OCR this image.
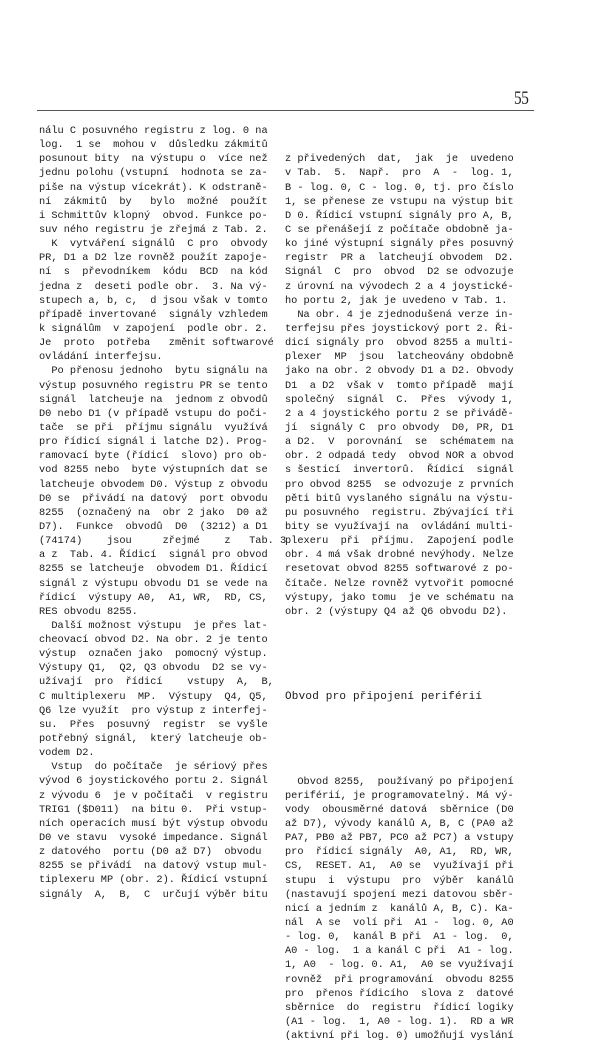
55
nálu C posuvného registru z log. 0 na
log.  1 se  mohou v  důsledku zákmitů
posunout bity  na výstupu o  více než
jednu polohu (vstupní  hodnota se za-
piše na výstup vícekrát). K odstraně-
ní  zákmitů  by   bylo  možné  použít
i Schmittův klopný  obvod. Funkce po-
suv ného registru je zřejmá z Tab. 2.
K  vytváření signálů  C pro  obvody
PR, D1 a D2 lze rovněž použít zapoje-
ní  s  převodníkem  kódu  BCD  na kód
jedna z  deseti podle obr.  3. Na vý-
stupech a, b, c,  d jsou však v tomto
případě invertované  signály vzhledem
k signálům  v zapojení  podle obr. 2.
Je  proto  potřeba   změnit softwarové
ovládání interfejsu.
Po přenosu jednoho  bytu signálu na
výstup posuvného registru PR se tento
signál  latcheuje na  jednom z obvodů
D0 nebo D1 (v případě vstupu do poči-
tače  se při  příjmu signálu  využívá
pro řídicí signál i latche D2). Prog-
ramovací byte (řídicí  slovo) pro ob-
vod 8255 nebo  byte výstupních dat se
latcheuje obvodem D0. Výstup z obvodu
D0 se  přivádí na datový  port obvodu
8255  (označený na  obr 2 jako  D0 až
D7).  Funkce  obvodů  D0  (3212) a D1
(74174)    jsou     zřejmé    z   Tab. 3
a z  Tab. 4. Řídicí  signál pro obvod
8255 se latcheuje  obvodem D1. Řídicí
signál z výstupu obvodu D1 se vede na
řídicí  výstupy A0,  A1, WR,  RD, CS,
RES obvodu 8255.
Další možnost výstupu  je přes lat-
cheovací obvod D2. Na obr. 2 je tento
výstup  označen jako  pomocný výstup.
Výstupy Q1,  Q2, Q3 obvodu  D2 se vy-
užívají  pro  řídicí    vstupy  A,  B,
C multiplexeru  MP.  Výstupy  Q4, Q5,
Q6 lze využít  pro výstup z interfej-
su.  Přes  posuvný  registr  se vyšle
potřebný signál,  který latcheuje ob-
vodem D2.
Vstup  do počítače  je sériový přes
vývod 6 joystickového portu 2. Signál
z vývodu 6  je v počítači  v registru
TRIG1 ($D011)  na bitu 0.  Při vstup-
ních operacích musí být výstup obvodu
D0 ve stavu  vysoké impedance. Signál
z datového  portu (D0 až D7)  obvodu
8255 se přivádí  na datový vstup mul-
tiplexeru MP (obr. 2). Řídicí vstupní
signály  A,  B,  C  určují výběr bitu

z přivedených  dat,  jak  je  uvedeno
v Tab.  5.  Např.  pro  A  -  log. 1,
B - log. 0, C - log. 0, tj. pro číslo
1, se přenese ze vstupu na výstup bit
D 0. Řídicí vstupní signály pro A, B,
C se přenášejí z počítače obdobně ja-
ko jiné výstupní signály přes posuvný
registr  PR a  latcheují obvodem  D2.
Signál  C  pro  obvod  D2 se odvozuje
z úrovní na vývodech 2 a 4 joystické-
ho portu 2, jak je uvedeno v Tab. 1.
Na obr. 4 je zjednodušená verze in-
terfejsu přes joystickový port 2. Ři-
dicí signály pro  obvod 8255 a multi-
plexer  MP  jsou  latcheovány obdobně
jako na obr. 2 obvody D1 a D2. Obvody
D1  a D2  však v  tomto případě  mají
společný  signál  C.  Přes  vývody 1,
2 a 4 joystického portu 2 se přivádě-
jí  signály C  pro obvody  D0, PR, D1
a D2.  V  porovnání  se  schématem na
obr. 2 odpadá tedy  obvod NOR a obvod
s šesticí  invertorů.  Řídicí  signál
pro obvod 8255  se odvozuje z prvních
pěti bitů vyslaného signálu na výstu-
pu posuvného  registru. Zbývající tři
bity se využívají na  ovládání multi-
plexeru  při  příjmu.  Zapojení podle
obr. 4 má však drobné nevýhody. Nelze
resetovat obvod 8255 softwarové z po-
čítače. Nelze rovněž vytvořit pomocné
výstupy, jako tomu  je ve schématu na
obr. 2 (výstupy Q4 až Q6 obvodu D2).

Obvod pro připojení periférií

Obvod 8255,  používaný po připojení
periférií, je programovatelný. Má vý-
vody  obousměrné datová  sběrnice (D0
až D7), vývody kanálů A, B, C (PA0 až
PA7, PB0 až PB7, PC0 až PC7) a vstupy
pro  řídicí signály  A0, A1,  RD, WR,
CS,  RESET. A1,  A0 se  využívají při
stupu  i  výstupu  pro  výběr  kanálů
(nastavují spojení mezi datovou sběr-
nicí a jedním z  kanálů A, B, C). Ka-
nál  A se  volí při  A1 -  log. 0, A0
- log. 0,  kanál B při  A1 - log.  0,
A0 - log.  1 a kanál C při  A1 - log.
1, A0  - log. 0. A1,  A0 se využívají
rovněž  při programování  obvodu 8255
pro  přenos řídicího  slova z  datové
sběrnice  do  registru  řídicí logiky
(A1 - log.  1, A0 - log. 1).  RD a WR
(aktivní při log. 0) umožňují vyslání
